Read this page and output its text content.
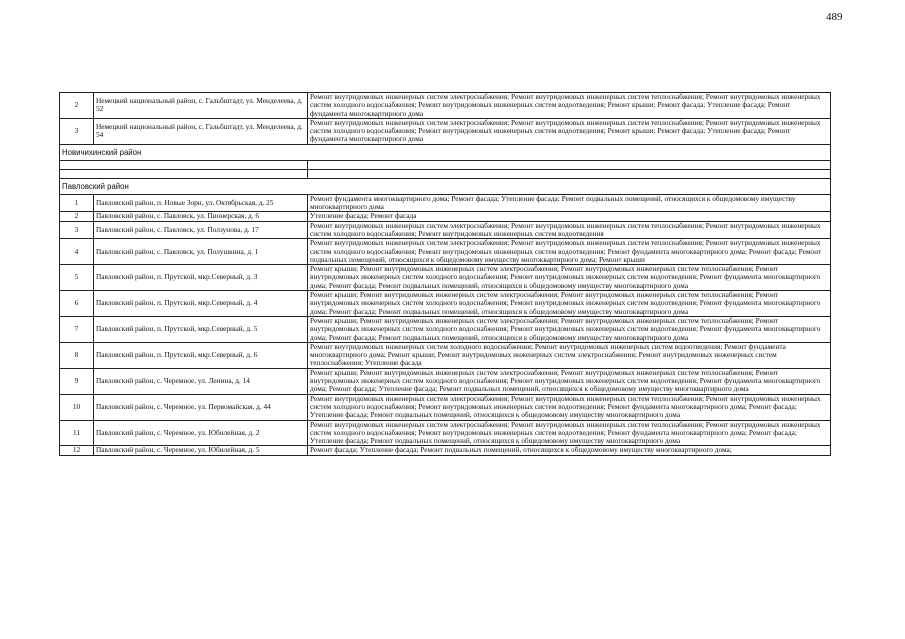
489
2	Немецкий национальный район, с. Гальбштадт, ул. Менделеева, д. 52	Ремонт внутридомовых инженерных систем электроснабжения; Ремонт внутридомовых инженерных систем теплоснабжения; Ремонт внутридомовых инженерных систем холодного водоснабжения; Ремонт внутридомовых инженерных систем водоотведения; Ремонт крыши; Ремонт фасада; Утепление фасада; Ремонт фундамента многоквартирного дома
3	Немецкий национальный район, с. Гальбштадт, ул. Менделеева, д. 54	Ремонт внутридомовых инженерных систем электроснабжения; Ремонт внутридомовых инженерных систем теплоснабжения; Ремонт внутридомовых инженерных систем холодного водоснабжения; Ремонт внутридомовых инженерных систем водоотведения; Ремонт крыши; Ремонт фасада; Утепление фасада; Ремонт фундамента многоквартирного дома
Новичихинский район		

Павловский район		
1	Павловский район, п. Новые Зори, ул. Октябрьская, д. 25	Ремонт фундамента многоквартирного дома; Ремонт фасада; Утепление фасада; Ремонт подвальных помещений, относящихся к общедомовому имуществу многоквартирного дома
2	Павловский район, с. Павловск, ул. Пионерская, д. 6	Утепление фасада; Ремонт фасада
3	Павловский район, с. Павловск, ул. Ползунова, д. 17	Ремонт внутридомовых инженерных систем электроснабжения; Ремонт внутридомовых инженерных систем теплоснабжения; Ремонт внутридомовых инженерных систем холодного водоснабжения; Ремонт внутридомовых инженерных систем водоотведения
4	Павловский район, с. Павловск, ул. Полушкина, д. 1	Ремонт внутридомовых инженерных систем электроснабжения; Ремонт внутридомовых инженерных систем теплоснабжения; Ремонт внутридомовых инженерных систем холодного водоснабжения; Ремонт внутридомовых инженерных систем водоотведения; Ремонт фундамента многоквартирного дома; Ремонт фасада; Ремонт подвальных помещений, относящихся к общедомовому имуществу многоквартирного дома; Ремонт крыши
5	Павловский район, п. Прутской, мкр.Северный, д. 3	Ремонт крыши; Ремонт внутридомовых инженерных систем электроснабжения; Ремонт внутридомовых инженерных систем теплоснабжения; Ремонт внутридомовых инженерных систем холодного водоснабжения; Ремонт внутридомовых инженерных систем водоотведения; Ремонт фундамента многоквартирного дома; Ремонт фасада; Ремонт подвальных помещений, относящихся к общедомовому имуществу многоквартирного дома
6	Павловский район, п. Прутской, мкр.Северный, д. 4	Ремонт крыши; Ремонт внутридомовых инженерных систем электроснабжения; Ремонт внутридомовых инженерных систем теплоснабжения; Ремонт внутридомовых инженерных систем холодного водоснабжения; Ремонт внутридомовых инженерных систем водоотведения; Ремонт фундамента многоквартирного дома; Ремонт фасада; Ремонт подвальных помещений, относящихся к общедомовому имуществу многоквартирного дома
7	Павловский район, п. Прутской, мкр.Северный, д. 5	Ремонт крыши; Ремонт внутридомовых инженерных систем электроснабжения; Ремонт внутридомовых инженерных систем теплоснабжения; Ремонт внутридомовых инженерных систем холодного водоснабжения; Ремонт внутридомовых инженерных систем водоотведения; Ремонт фундамента многоквартирного дома; Ремонт фасада; Ремонт подвальных помещений, относящихся к общедомовому имуществу многоквартирного дома
8	Павловский район, п. Прутской, мкр.Северный, д. 6	Ремонт внутридомовых инженерных систем холодного водоснабжения; Ремонт внутридомовых инженерных систем водоотведения; Ремонт фундамента многоквартирного дома; Ремонт крыши; Ремонт внутридомовых инженерных систем электроснабжения; Ремонт внутридомовых инженерных систем теплоснабжения; Утепление фасада
9	Павловский район, с. Черемное, ул. Ленина, д. 14	Ремонт крыши; Ремонт внутридомовых инженерных систем электроснабжения; Ремонт внутридомовых инженерных систем теплоснабжения; Ремонт внутридомовых инженерных систем холодного водоснабжения; Ремонт внутридомовых инженерных систем водоотведения; Ремонт фундамента многоквартирного дома; Ремонт фасада; Утепление фасада; Ремонт подвальных помещений, относящихся к общедомовому имуществу многоквартирного дома
10	Павловский район, с. Черемное, ул. Первомайская, д. 44	Ремонт внутридомовых инженерных систем электроснабжения; Ремонт внутридомовых инженерных систем теплоснабжения; Ремонт внутридомовых инженерных систем холодного водоснабжения; Ремонт внутридомовых инженерных систем водоотведения; Ремонт фундамента многоквартирного дома; Ремонт фасада; Утепление фасада; Ремонт подвальных помещений, относящихся к общедомовому имуществу многоквартирного дома
11	Павловский район, с. Черемное, ул. Юбилейная, д. 2	Ремонт внутридомовых инженерных систем электроснабжения; Ремонт внутридомовых инженерных систем теплоснабжения; Ремонт внутридомовых инженерных систем холодного водоснабжения; Ремонт внутридомовых инженерных систем водоотведения; Ремонт фундамента многоквартирного дома; Ремонт фасада; Утепление фасада; Ремонт подвальных помещений, относящихся к общедомовому имуществу многоквартирного дома
12	Павловский район, с. Черемное, ул. Юбилейная, д. 5	Ремонт фасада; Утепление фасада; Ремонт подвальных помещений, относящихся к общедомовому имуществу многоквартирного дома;
